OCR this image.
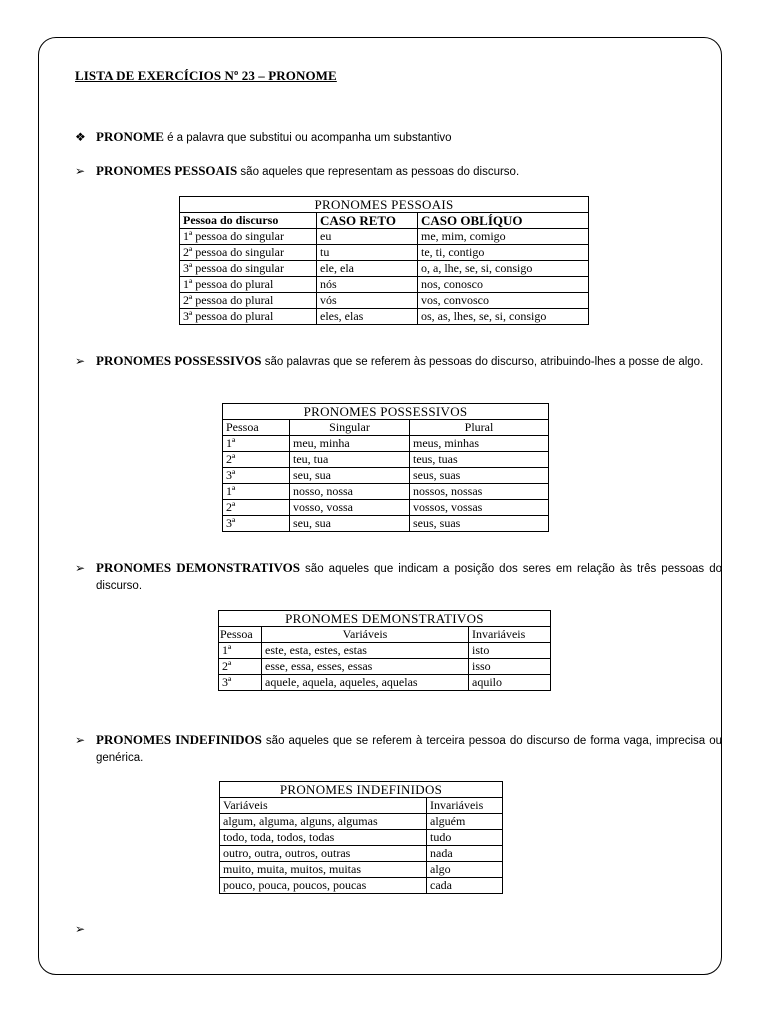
LISTA DE EXERCÍCIOS Nº 23 – PRONOME
❖ PRONOME é a palavra que substitui ou acompanha um substantivo
➢ PRONOMES PESSOAIS são aqueles que representam as pessoas do discurso.
PRONOMES PESSOAIS		
Pessoa do discurso	CASO RETO	CASO OBLÍQUO
1ª pessoa do singular	eu	me, mim, comigo
2ª pessoa do singular	tu	te, ti, contigo
3ª pessoa do singular	ele, ela	o, a, lhe, se, si, consigo
1ª pessoa do plural	nós	nos, conosco
2ª pessoa do plural	vós	vos, convosco
3ª pessoa do plural	eles, elas	os, as, lhes, se, si, consigo
➢ PRONOMES POSSESSIVOS são palavras que se referem às pessoas do discurso, atribuindo-lhes a posse de algo.
PRONOMES POSSESSIVOS		
Pessoa	Singular	Plural
1ª	meu, minha	meus, minhas
2ª	teu, tua	teus, tuas
3ª	seu, sua	seus, suas
1ª	nosso, nossa	nossos, nossas
2ª	vosso, vossa	vossos, vossas
3ª	seu, sua	seus, suas
➢ PRONOMES DEMONSTRATIVOS são aqueles que indicam a posição dos seres em relação às três pessoas do discurso.
PRONOMES DEMONSTRATIVOS		
Pessoa	Variáveis	Invariáveis
1ª	este, esta, estes, estas	isto
2ª	esse, essa, esses, essas	isso
3ª	aquele, aquela, aqueles, aquelas	aquilo
➢ PRONOMES INDEFINIDOS são aqueles que se referem à terceira pessoa do discurso de forma vaga, imprecisa ou genérica.
PRONOMES INDEFINIDOS	
Variáveis	Invariáveis
algum, alguma, alguns, algumas	alguém
todo, toda, todos, todas	tudo
outro, outra, outros, outras	nada
muito, muita, muitos, muitas	algo
pouco, pouca, poucos, poucas	cada
➢
